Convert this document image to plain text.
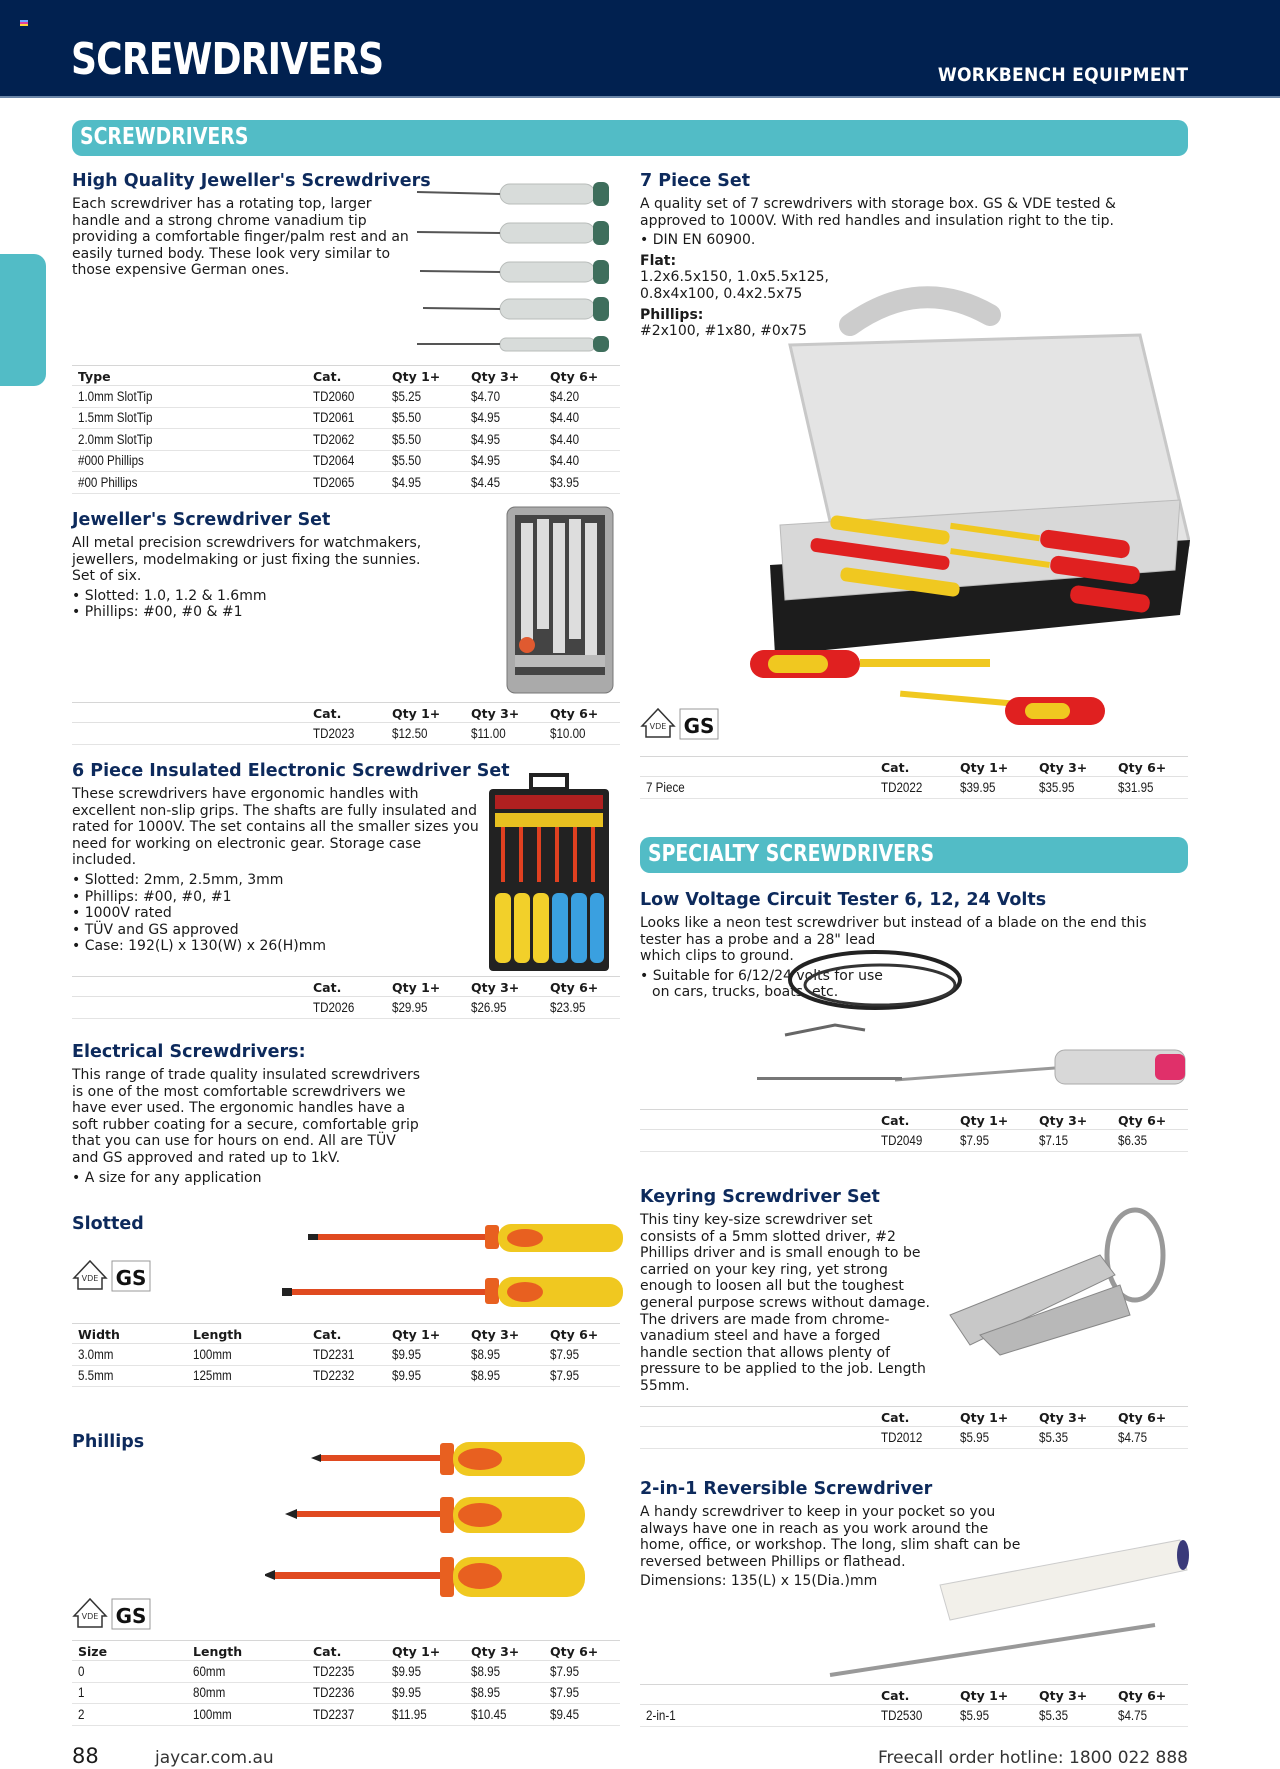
SCREWDRIVERS	WORKBENCH EQUIPMENT
SCREWDRIVERS
High Quality Jeweller's Screwdrivers

Each screwdriver has a rotating top, larger handle and a strong chrome vanadium tip providing a comfortable finger/palm rest and an easily turned body. These look very similar to those expensive German ones.

Type	Cat.	Qty 1+	Qty 3+	Qty 6+
1.0mm SlotTip	TD2060	$5.25	$4.70	$4.20
1.5mm SlotTip	TD2061	$5.50	$4.95	$4.40
2.0mm SlotTip	TD2062	$5.50	$4.95	$4.40
#000 Phillips	TD2064	$5.50	$4.95	$4.40
#00 Phillips	TD2065	$4.95	$4.45	$3.95
Jeweller's Screwdriver Set

All metal precision screwdrivers for watchmakers, jewellers, modelmaking or just fixing the sunnies. Set of six.

• Slotted: 1.0, 1.2 & 1.6mm

• Phillips: #00, #0 & #1

	Cat.	Qty 1+	Qty 3+	Qty 6+
	TD2023	$12.50	$11.00	$10.00
6 Piece Insulated Electronic Screwdriver Set

These screwdrivers have ergonomic handles with excellent non-slip grips. The shafts are fully insulated and rated for 1000V. The set contains all the smaller sizes you need for working on electronic gear. Storage case included.

• Slotted: 2mm, 2.5mm, 3mm

• Phillips: #00, #0, #1

• 1000V rated

• TÜV and GS approved

• Case: 192(L) x 130(W) x 26(H)mm

	Cat.	Qty 1+	Qty 3+	Qty 6+
	TD2026	$29.95	$26.95	$23.95
Electrical Screwdrivers:

This range of trade quality insulated screwdrivers is one of the most comfortable screwdrivers we have ever used. The ergonomic handles have a soft rubber coating for a secure, comfortable grip that you can use for hours on end. All are TÜV and GS approved and rated up to 1kV.

• A size for any application

Slotted
VDE GS
Width	Length	Cat.	Qty 1+	Qty 3+	Qty 6+
3.0mm	100mm	TD2231	$9.95	$8.95	$7.95
5.5mm	125mm	TD2232	$9.95	$8.95	$7.95
Phillips
VDE GS
Size	Length	Cat.	Qty 1+	Qty 3+	Qty 6+
0	60mm	TD2235	$9.95	$8.95	$7.95
1	80mm	TD2236	$9.95	$8.95	$7.95
2	100mm	TD2237	$11.95	$10.45	$9.45
7 Piece Set

A quality set of 7 screwdrivers with storage box. GS & VDE tested & approved to 1000V. With red handles and insulation right to the tip.

• DIN EN 60900.

Flat:

1.2x6.5x150, 1.0x5.5x125,

0.8x4x100, 0.4x2.5x75

Phillips:

#2x100, #1x80, #0x75

VDE GS
	Cat.	Qty 1+	Qty 3+	Qty 6+
7 Piece	TD2022	$39.95	$35.95	$31.95
SPECIALTY SCREWDRIVERS
Low Voltage Circuit Tester 6, 12, 24 Volts

Looks like a neon test screwdriver but instead of a blade on the end this

tester has a probe and a 28" lead which clips to ground.

• Suitable for 6/12/24 volts for use on cars, trucks, boats, etc.

	Cat.	Qty 1+	Qty 3+	Qty 6+
	TD2049	$7.95	$7.15	$6.35
Keyring Screwdriver Set

This tiny key-size screwdriver set consists of a 5mm slotted driver, #2 Phillips driver and is small enough to be carried on your key ring, yet strong enough to loosen all but the toughest general purpose screws without damage. The drivers are made from chrome-vanadium steel and have a forged handle section that allows plenty of pressure to be applied to the job. Length 55mm.

	Cat.	Qty 1+	Qty 3+	Qty 6+
	TD2012	$5.95	$5.35	$4.75
2-in-1 Reversible Screwdriver

A handy screwdriver to keep in your pocket so you always have one in reach as you work around the home, office, or workshop. The long, slim shaft can be reversed between Phillips or flathead.

Dimensions: 135(L) x 15(Dia.)mm

	Cat.	Qty 1+	Qty 3+	Qty 6+
2-in-1	TD2530	$5.95	$5.35	$4.75
88	jaycar.com.au	Freecall order hotline: 1800 022 888
